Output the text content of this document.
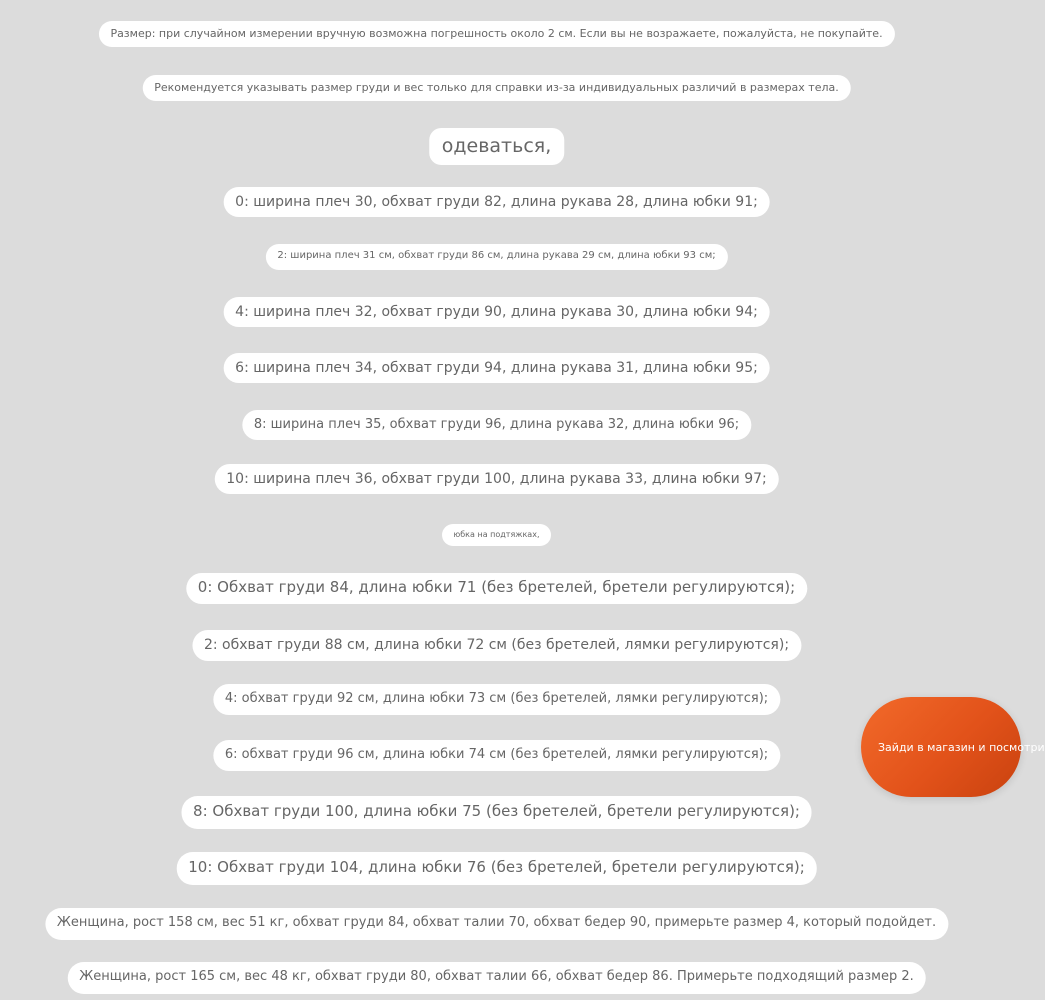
Размер: при случайном измерении вручную возможна погрешность около 2 см. Если вы не возражаете, пожалуйста, не покупайте.
Рекомендуется указывать размер груди и вес только для справки из-за индивидуальных различий в размерах тела.
одеваться,
0: ширина плеч 30, обхват груди 82, длина рукава 28, длина юбки 91;
2: ширина плеч 31 см, обхват груди 86 см, длина рукава 29 см, длина юбки 93 см;
4: ширина плеч 32, обхват груди 90, длина рукава 30, длина юбки 94;
6: ширина плеч 34, обхват груди 94, длина рукава 31, длина юбки 95;
8: ширина плеч 35, обхват груди 96, длина рукава 32, длина юбки 96;
10: ширина плеч 36, обхват груди 100, длина рукава 33, длина юбки 97;
юбка на подтяжках,
0: Обхват груди 84, длина юбки 71 (без бретелей, бретели регулируются);
2: обхват груди 88 см, длина юбки 72 см (без бретелей, лямки регулируются);
4: обхват груди 92 см, длина юбки 73 см (без бретелей, лямки регулируются);
6: обхват груди 96 см, длина юбки 74 см (без бретелей, лямки регулируются);
8: Обхват груди 100, длина юбки 75 (без бретелей, бретели регулируются);
10: Обхват груди 104, длина юбки 76 (без бретелей, бретели регулируются);
Женщина, рост 158 см, вес 51 кг, обхват груди 84, обхват талии 70, обхват бедер 90, примерьте размер 4, который подойдет.
Женщина, рост 165 см, вес 48 кг, обхват груди 80, обхват талии 66, обхват бедер 86. Примерьте подходящий размер 2.
Зайди в магазин и посмотри
